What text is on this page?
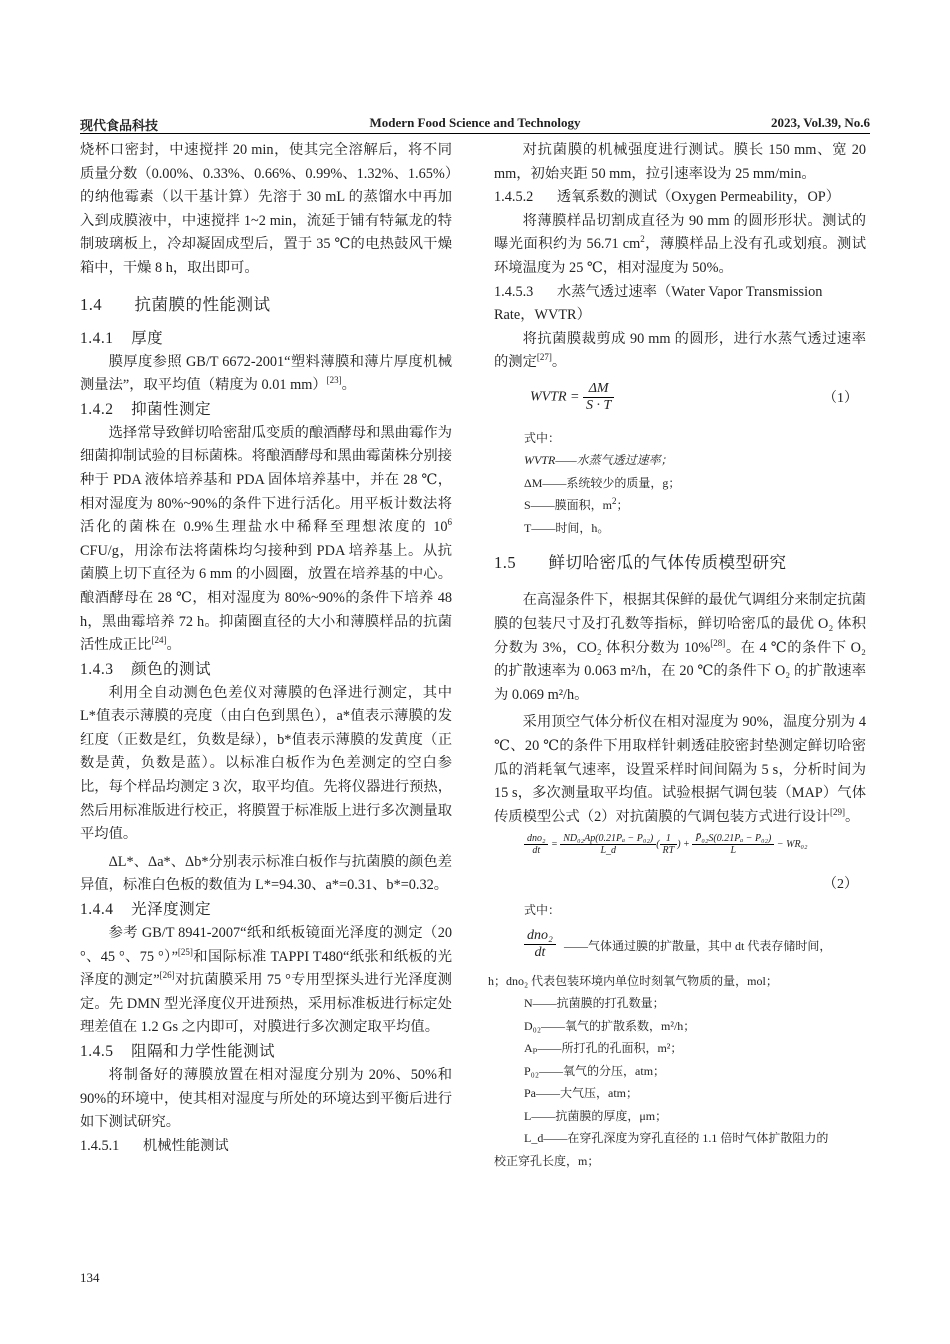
现代食品科技	Modern Food Science and Technology	2023, Vol.39, No.6

烧杯口密封，中速搅拌 20 min，使其完全溶解后，将不同质量分数（0.00%、0.33%、0.66%、0.99%、1.32%、1.65%）的纳他霉素（以干基计算）先溶于 30 mL 的蒸馏水中再加入到成膜液中，中速搅拌 1~2 min，流延于铺有特氟龙的特制玻璃板上，冷却凝固成型后，置于 35 ℃的电热鼓风干燥箱中，干燥 8 h，取出即可。

1.4 抗菌膜的性能测试
1.4.1 厚度

膜厚度参照 GB/T 6672-2001“塑料薄膜和薄片厚度机械测量法”，取平均值（精度为 0.01 mm）[23]。

1.4.2 抑菌性测定

选择常导致鲜切哈密甜瓜变质的酿酒酵母和黑曲霉作为细菌抑制试验的目标菌株。将酿酒酵母和黑曲霉菌株分别接种于 PDA 液体培养基和 PDA 固体培养基中，并在 28 ℃，相对湿度为 80%~90%的条件下进行活化。用平板计数法将活化的菌株在 0.9%生理盐水中稀释至理想浓度的 $10^6$ CFU/g，用涂布法将菌株均匀接种到 PDA 培养基上。从抗菌膜上切下直径为 6 mm 的小圆圈，放置在培养基的中心。酿酒酵母在 28 ℃，相对湿度为 80%~90%的条件下培养 48 h，黑曲霉培养 72 h。抑菌圈直径的大小和薄膜样品的抗菌活性成正比[24]。

1.4.3 颜色的测试

利用全自动测色色差仪对薄膜的色泽进行测定，其中 L*值表示薄膜的亮度（由白色到黑色），a*值表示薄膜的发红度（正数是红，负数是绿），b*值表示薄膜的发黄度（正数是黄，负数是蓝）。以标准白板作为色差测定的空白参比，每个样品均测定 3 次，取平均值。先将仪器进行预热，然后用标准版进行校正，将膜置于标准版上进行多次测量取平均值。

ΔL*、Δa*、Δb*分别表示标准白板作与抗菌膜的颜色差异值，标准白色板的数值为 L*=94.30、a*=0.31、b*=0.32。

1.4.4 光泽度测定

参考 GB/T 8941-2007“纸和纸板镜面光泽度的测定（20 °、45 °、75 °）”[25]和国际标准 TAPPI T480“纸张和纸板的光泽度的测定”[26]对抗菌膜采用 75 °专用型探头进行光泽度测定。先 DMN 型光泽度仪开进预热，采用标准板进行标定处理差值在 1.2 Gs 之内即可，对膜进行多次测定取平均值。

1.4.5 阻隔和力学性能测试

将制备好的薄膜放置在相对湿度分别为 20%、50%和 90%的环境中，使其相对湿度与所处的环境达到平衡后进行如下测试研究。

1.4.5.1 机械性能测试

对抗菌膜的机械强度进行测试。膜长 150 mm、宽 20 mm，初始夹距 50 mm，拉引速率设为 25 mm/min。

1.4.5.2 透氧系数的测试（Oxygen Permeability，OP）

将薄膜样品切割成直径为 90 mm 的圆形形状。测试的曝光面积约为 56.71 $cm^2$，薄膜样品上没有孔或划痕。测试环境温度为 25 ℃，相对湿度为 50%。

1.4.5.3 水蒸气透过速率（Water Vapor Transmission Rate，WVTR）

将抗菌膜裁剪成 90 mm 的圆形，进行水蒸气透过速率的测定[27]。

WVTR = $\frac{\Delta M}{S \cdot T}$	（1）

式中：

WVTR——水蒸气透过速率；

ΔM——系统较少的质量，g；

S——膜面积，$m^2$；

T——时间，h。

1.5 鲜切哈密瓜的气体传质模型研究

在高湿条件下，根据其保鲜的最优气调组分来制定抗菌膜的包装尺寸及打孔数等指标，鲜切哈密瓜的最优 O₂ 体积分数为 3%，CO₂ 体积分数为 10%[28]。在 4 ℃的条件下 O₂ 的扩散速率为 0.063 m²/h，在 20 ℃的条件下 O₂ 的扩散速率为 0.069 m²/h。

采用顶空气体分析仪在相对湿度为 90%，温度分别为 4 ℃、20 ℃的条件下用取样针刺透硅胶密封垫测定鲜切哈密瓜的消耗氧气速率，设置采样时间间隔为 5 s，分析时间为 15 s，多次测量取平均值。试验根据气调包装（MAP）气体传质模型公式（2）对抗菌膜的气调包装方式进行设计[29]。

$\frac{\text{dno₂}}{dt} = \frac{\text{ND₀₂Ap(0.21Pₐ − P₀₂)}}{L\_d}$ ( $\frac{1}{RT}$ ) + $\frac{\text{P̄₀₂S(0.21Pₐ − P₀₂)}}{L} - WR_{02}$
（2）

式中：

dno₂
dt	——气体通过膜的扩散量，其中 dt 代表存储时间，

h；dno₂ 代表包装环境内单位时刻氧气物质的量，mol；

N——抗菌膜的打孔数量；

D₀₂——氧气的扩散系数，m²/h；

Aₚ——所打孔的孔面积，m²；

P₀₂——氧气的分压，atm；

Pa——大气压，atm；

L——抗菌膜的厚度，μm；

L_d——在穿孔深度为穿孔直径的 1.1 倍时气体扩散阻力的

校正穿孔长度，m；

134
